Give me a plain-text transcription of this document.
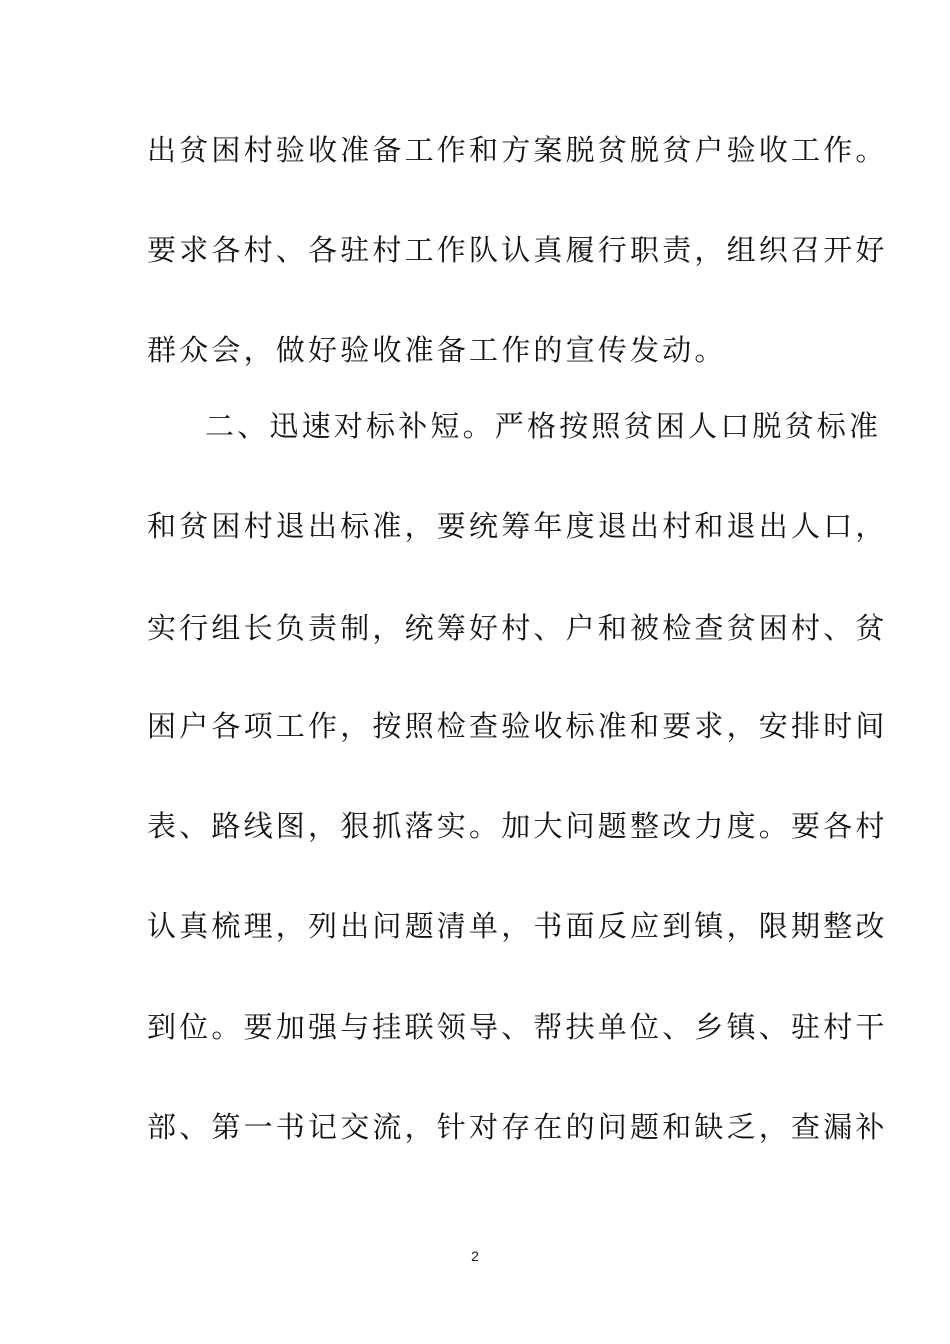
出贫困村验收准备工作和方案脱贫脱贫户验收工作。
要求各村、各驻村工作队认真履行职责，组织召开好
群众会，做好验收准备工作的宣传发动。
二、迅速对标补短。严格按照贫困人口脱贫标准
和贫困村退出标准，要统筹年度退出村和退出人口，
实行组长负责制，统筹好村、户和被检查贫困村、贫
困户各项工作，按照检查验收标准和要求，安排时间
表、路线图，狠抓落实。加大问题整改力度。要各村
认真梳理，列出问题清单，书面反应到镇，限期整改
到位。要加强与挂联领导、帮扶单位、乡镇、驻村干
部、第一书记交流，针对存在的问题和缺乏，查漏补
2
